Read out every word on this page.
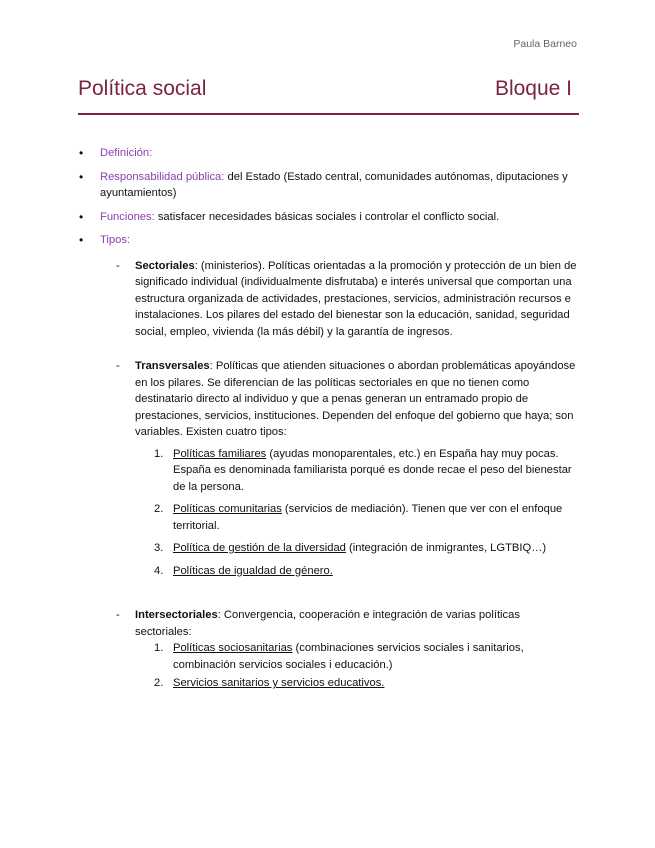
Paula Barneo
Política social	Bloque I
• Definición:
• Responsabilidad pública: del Estado (Estado central, comunidades autónomas, diputaciones y ayuntamientos)
• Funciones: satisfacer necesidades básicas sociales i controlar el conflicto social.
• Tipos:
- Sectoriales: (ministerios). Políticas orientadas a la promoción y protección de un bien de significado individual (individualmente disfrutaba) e interés universal que comportan una estructura organizada de actividades, prestaciones, servicios, administración recursos e instalaciones. Los pilares del estado del bienestar son la educación, sanidad, seguridad social, empleo, vivienda (la más débil) y la garantía de ingresos.
- Transversales: Políticas que atienden situaciones o abordan problemáticas apoyándose en los pilares. Se diferencian de las políticas sectoriales en que no tienen como destinatario directo al individuo y que a penas generan un entramado propio de prestaciones, servicios, instituciones. Dependen del enfoque del gobierno que haya; son variables. Existen cuatro tipos:
1. Políticas familiares (ayudas monoparentales, etc.) en España hay muy pocas. España es denominada familiarista porqué es donde recae el peso del bienestar de la persona.
2. Políticas comunitarias (servicios de mediación). Tienen que ver con el enfoque territorial.
3. Política de gestión de la diversidad (integración de inmigrantes, LGTBIQ…)
4. Políticas de igualdad de género.
- Intersectoriales: Convergencia, cooperación e integración de varias políticas sectoriales:
1. Políticas sociosanitarias (combinaciones servicios sociales i sanitarios, combinación servicios sociales i educación.)
2. Servicios sanitarios y servicios educativos.
